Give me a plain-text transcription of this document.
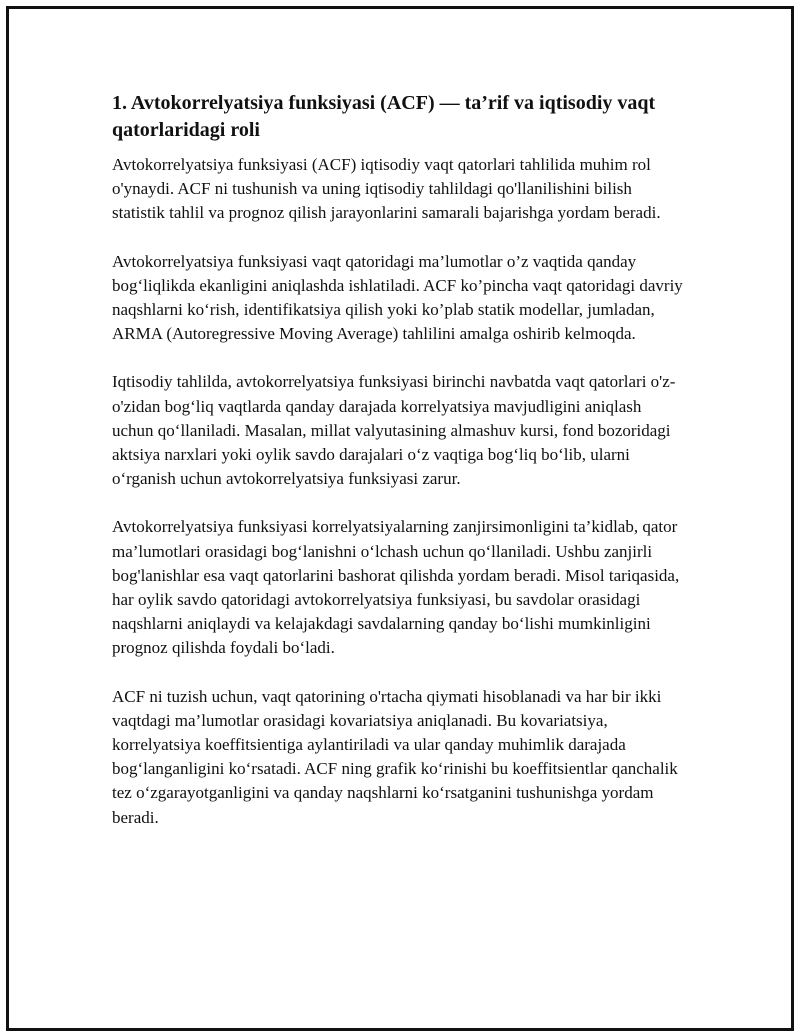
1. Avtokorrelyatsiya funksiyasi (ACF) — ta’rif va iqtisodiy vaqt qatorlaridagi roli

Avtokorrelyatsiya funksiyasi (ACF) iqtisodiy vaqt qatorlari tahlilida muhim rol o'ynaydi. ACF ni tushunish va uning iqtisodiy tahlildagi qo'llanilishini bilish statistik tahlil va prognoz qilish jarayonlarini samarali bajarishga yordam beradi.

Avtokorrelyatsiya funksiyasi vaqt qatoridagi ma’lumotlar o’z vaqtida qanday bog‘liqlikda ekanligini aniqlashda ishlatiladi. ACF ko’pincha vaqt qatoridagi davriy naqshlarni ko‘rish, identifikatsiya qilish yoki ko’plab statik modellar, jumladan, ARMA (Autoregressive Moving Average) tahlilini amalga oshirib kelmoqda.

Iqtisodiy tahlilda, avtokorrelyatsiya funksiyasi birinchi navbatda vaqt qatorlari o'z-o'zidan bog‘liq vaqtlarda qanday darajada korrelyatsiya mavjudligini aniqlash uchun qo‘llaniladi. Masalan, millat valyutasining almashuv kursi, fond bozoridagi aktsiya narxlari yoki oylik savdo darajalari o‘z vaqtiga bog‘liq bo‘lib, ularni o‘rganish uchun avtokorrelyatsiya funksiyasi zarur.

Avtokorrelyatsiya funksiyasi korrelyatsiyalarning zanjirsimonligini ta’kidlab, qator ma’lumotlari orasidagi bog‘lanishni o‘lchash uchun qo‘llaniladi. Ushbu zanjirli bog'lanishlar esa vaqt qatorlarini bashorat qilishda yordam beradi. Misol tariqasida, har oylik savdo qatoridagi avtokorrelyatsiya funksiyasi, bu savdolar orasidagi naqshlarni aniqlaydi va kelajakdagi savdalarning qanday bo‘lishi mumkinligini prognoz qilishda foydali bo‘ladi.

ACF ni tuzish uchun, vaqt qatorining o'rtacha qiymati hisoblanadi va har bir ikki vaqtdagi ma’lumotlar orasidagi kovariatsiya aniqlanadi. Bu kovariatsiya, korrelyatsiya koeffitsientiga aylantiriladi va ular qanday muhimlik darajada bog‘langanligini ko‘rsatadi. ACF ning grafik ko‘rinishi bu koeffitsientlar qanchalik tez o‘zgarayotganligini va qanday naqshlarni ko‘rsatganini tushunishga yordam beradi.
